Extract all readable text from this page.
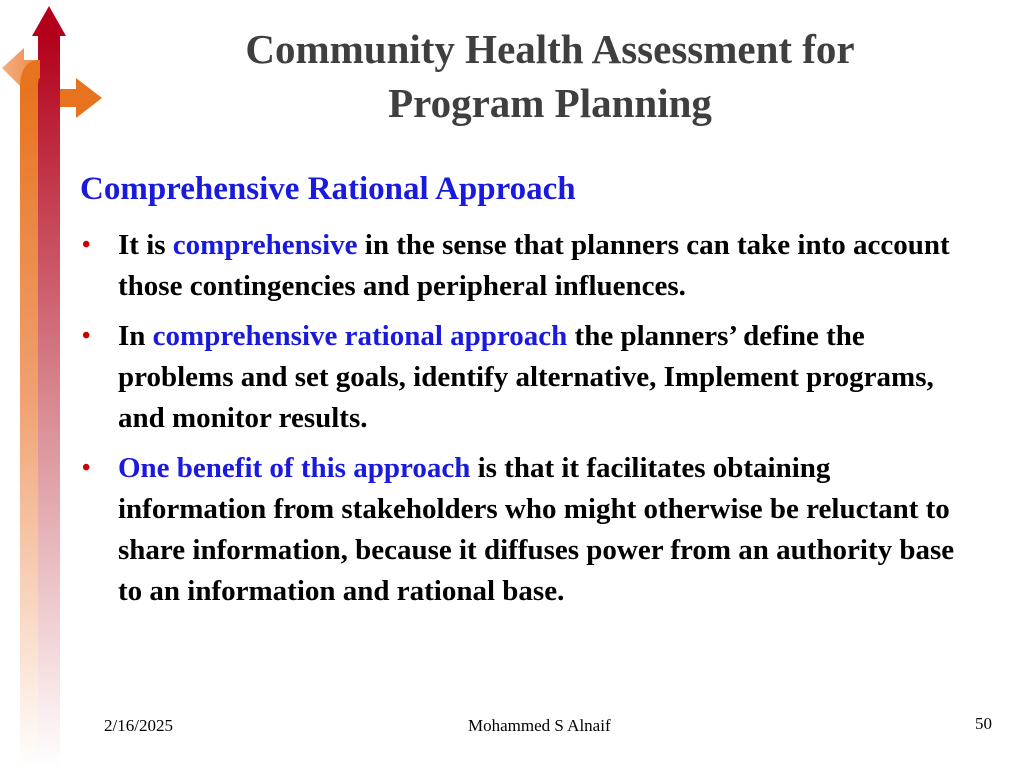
Community Health Assessment for
Program Planning
Comprehensive Rational Approach
• It is comprehensive in the sense that planners can take into account those contingencies and peripheral influences.
• In comprehensive rational approach the planners’ define the problems and set goals, identify alternative, Implement programs, and monitor results.
• One benefit of this approach is that it facilitates obtaining information from stakeholders who might otherwise be reluctant to share information, because it diffuses power from an authority base to an information and rational base.
2/16/2025	Mohammed S Alnaif	50
